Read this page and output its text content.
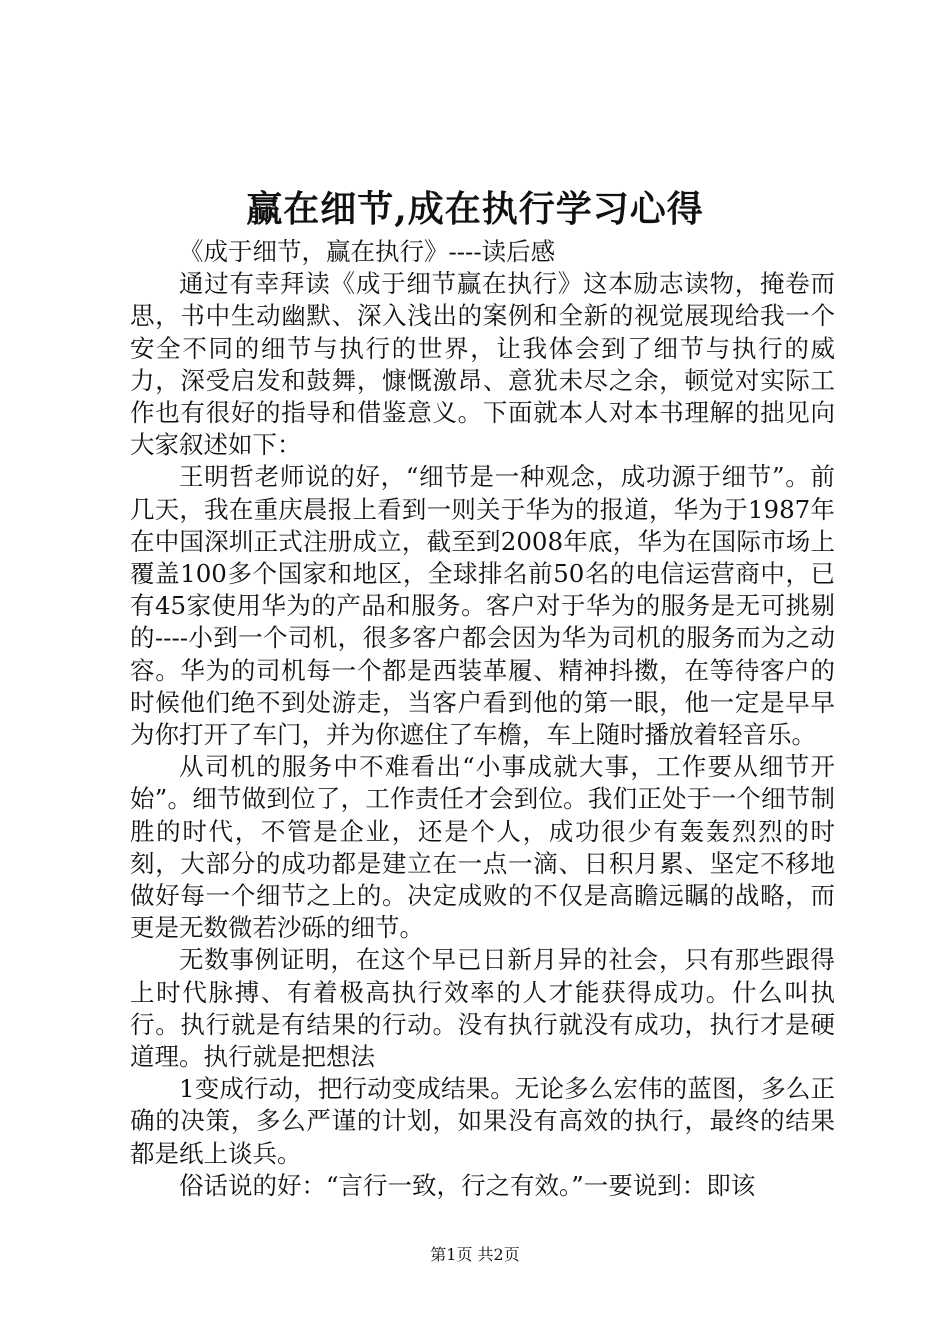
赢在细节,成在执行学习心得

《成于细节，赢在执行》----读后感

通过有幸拜读《成于细节赢在执行》这本励志读物，掩卷而思，书中生动幽默、深入浅出的案例和全新的视觉展现给我一个安全不同的细节与执行的世界，让我体会到了细节与执行的威力，深受启发和鼓舞，慷慨激昂、意犹未尽之余，顿觉对实际工作也有很好的指导和借鉴意义。下面就本人对本书理解的拙见向大家叙述如下：

王明哲老师说的好，“细节是一种观念，成功源于细节”。前几天，我在重庆晨报上看到一则关于华为的报道，华为于1987年在中国深圳正式注册成立，截至到2008年底，华为在国际市场上覆盖100多个国家和地区，全球排名前50名的电信运营商中，已有45家使用华为的产品和服务。客户对于华为的服务是无可挑剔的----小到一个司机，很多客户都会因为华为司机的服务而为之动容。华为的司机每一个都是西装革履、精神抖擞，在等待客户的时候他们绝不到处游走，当客户看到他的第一眼，他一定是早早为你打开了车门，并为你遮住了车檐，车上随时播放着轻音乐。

从司机的服务中不难看出“小事成就大事，工作要从细节开始”。细节做到位了，工作责任才会到位。我们正处于一个细节制胜的时代，不管是企业，还是个人，成功很少有轰轰烈烈的时刻，大部分的成功都是建立在一点一滴、日积月累、坚定不移地做好每一个细节之上的。决定成败的不仅是高瞻远瞩的战略，而更是无数微若沙砾的细节。

无数事例证明，在这个早已日新月异的社会，只有那些跟得上时代脉搏、有着极高执行效率的人才能获得成功。什么叫执行。执行就是有结果的行动。没有执行就没有成功，执行才是硬道理。执行就是把想法

1变成行动，把行动变成结果。无论多么宏伟的蓝图，多么正确的决策，多么严谨的计划，如果没有高效的执行，最终的结果都是纸上谈兵。

俗话说的好：“言行一致，行之有效。”一要说到：即该

第1页 共2页
